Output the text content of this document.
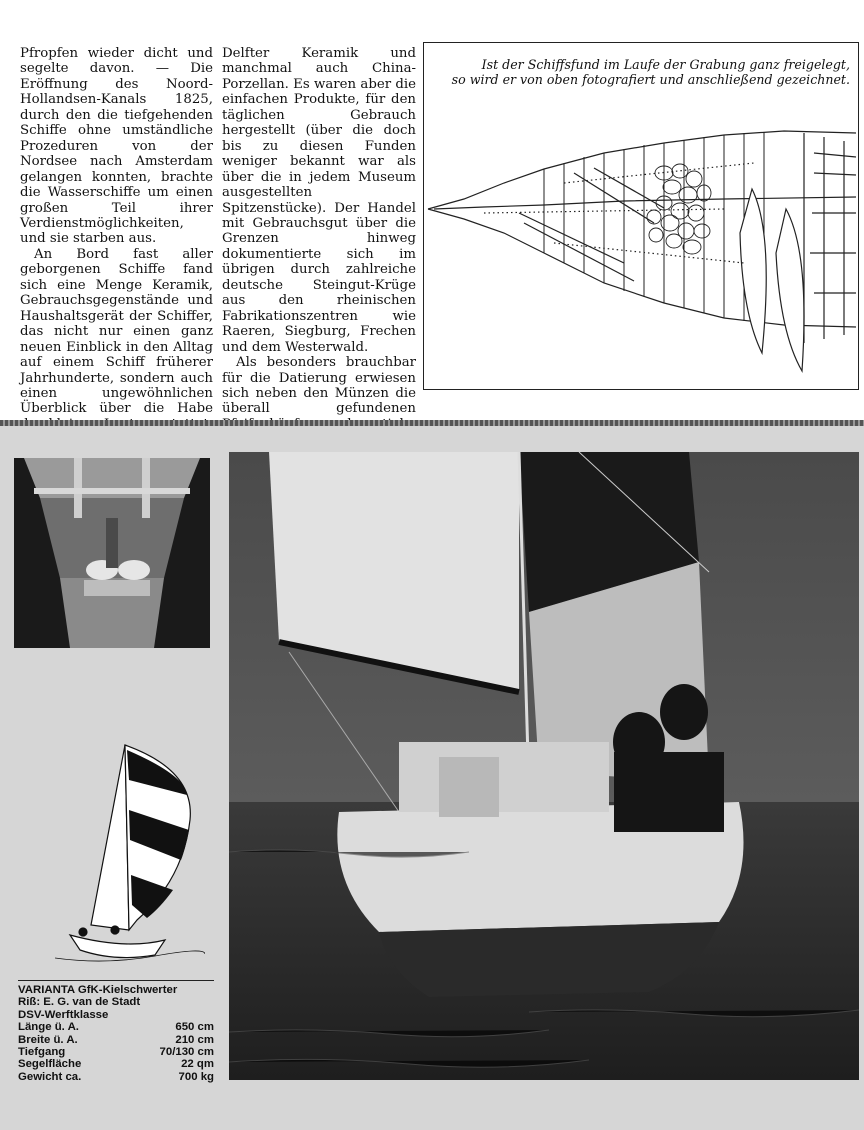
Pfropfen wieder dicht und segelte davon. — Die Eröffnung des Noord-Hollandsen-Kanals 1825, durch den die tiefgehenden Schiffe ohne umständliche Prozeduren von der Nordsee nach Amsterdam gelangen konnten, brachte die Wasserschiffe um einen großen Teil ihrer Verdienstmöglichkeiten, und sie starben aus.

An Bord fast aller geborgenen Schiffe fand sich eine Menge Keramik, Gebrauchsgegenstände und Haushaltsgerät der Schiffer, das nicht nur einen ganz neuen Einblick in den Alltag auf einem Schiff früherer Jahrhunderte, sondern auch einen ungewöhnlichen Überblick über die Habe

Delfter Keramik und manchmal auch China-Porzellan. Es waren aber die einfachen Produkte, für den täglichen Gebrauch hergestellt (über die doch bis zu diesen Funden weniger bekannt war als über die in jedem Museum ausgestellten Spitzenstücke). Der Handel mit Gebrauchsgut über die Grenzen hinweg dokumentierte sich im übrigen durch zahlreiche deutsche Steingut-Krüge aus den rheinischen Fabrikationszentren wie Raeren, Siegburg, Frechen und dem Westerwald.

Als besonders brauchbar für die Datierung erwiesen sich neben den Münzen die überall gefundenen

Ist der Schiffsfund im Laufe der Grabung ganz freigelegt,
so wird er von oben fotografiert und anschließend gezeichnet.
VARIANTA GfK-Kielschwerter
Riß: E. G. van de Stadt
DSV-Werftklasse
Länge ü. A.	650 cm
Breite ü. A.	210 cm
Tiefgang	70/130 cm
Segelfläche	22 qm
Gewicht ca.	700 kg
